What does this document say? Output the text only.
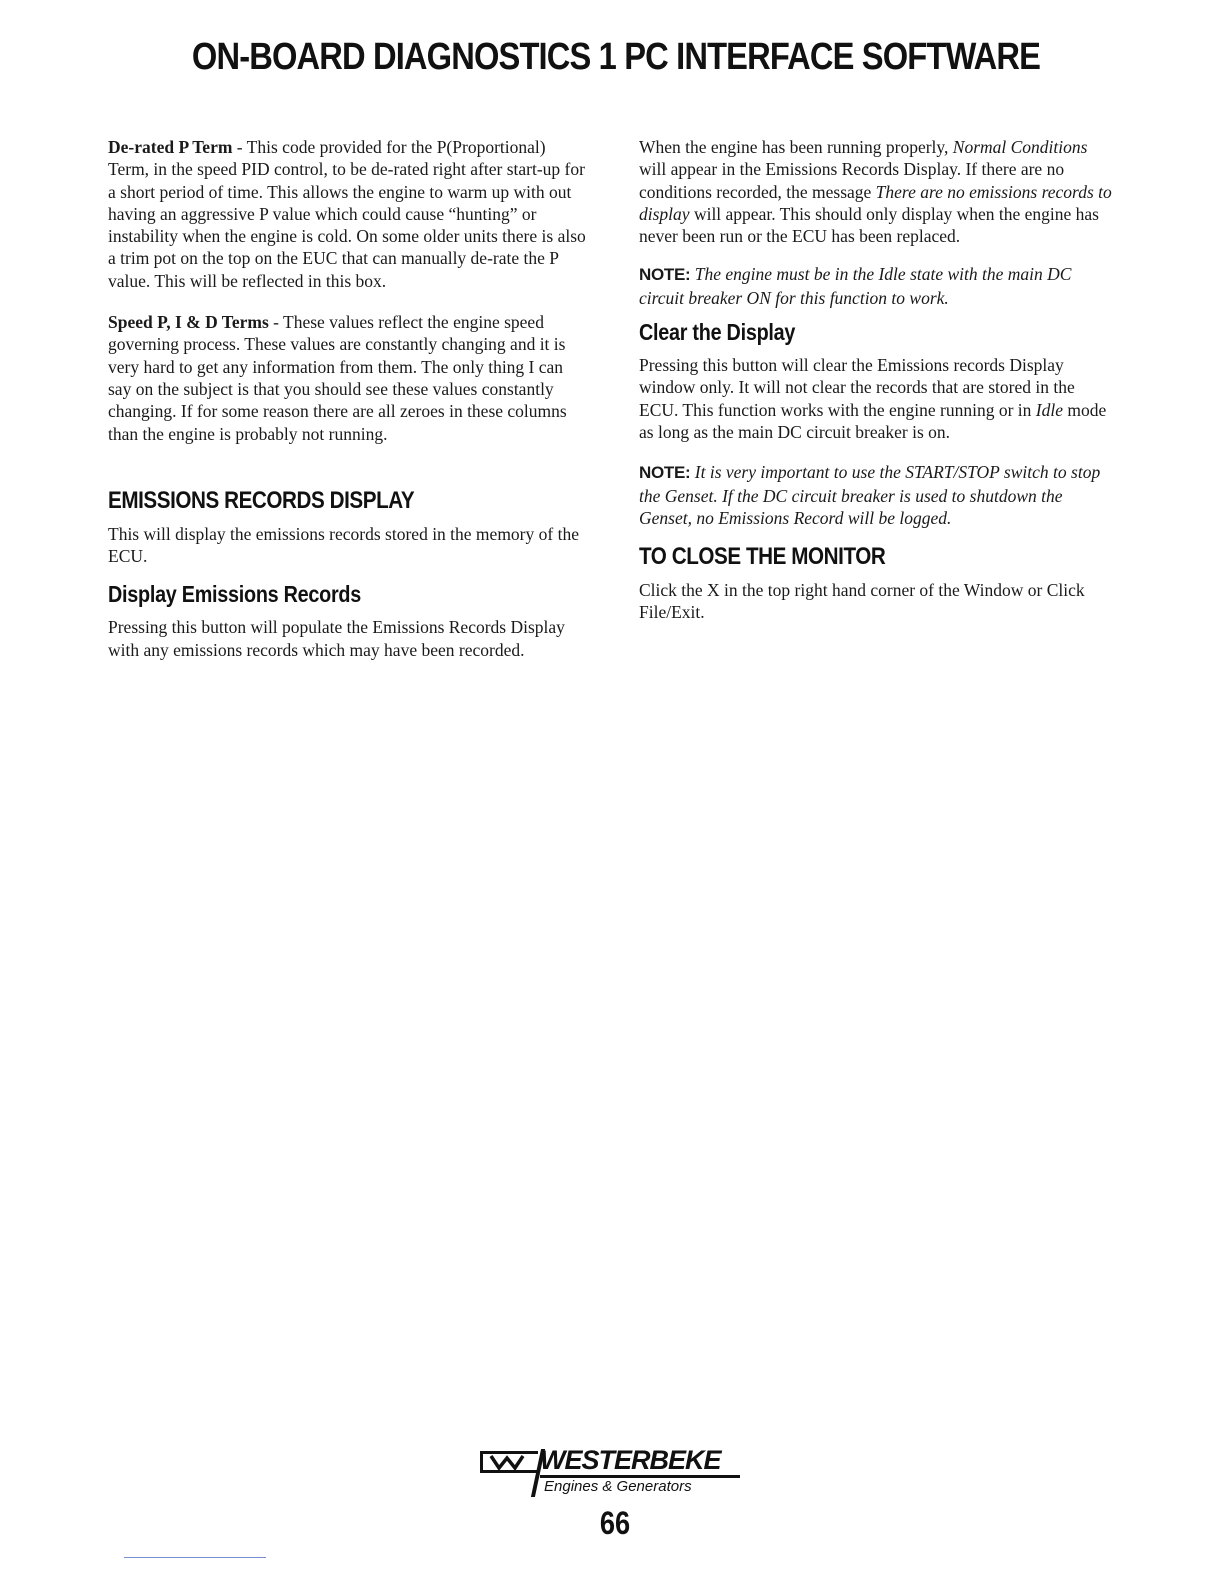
ON-BOARD DIAGNOSTICS 1 PC INTERFACE SOFTWARE

De-rated P Term - This code provided for the P(Proportional) Term, in the speed PID control, to be de-rated right after start-up for a short period of time. This allows the engine to warm up with out having an aggressive P value which could cause “hunting” or instability when the engine is cold. On some older units there is also a trim pot on the top on the EUC that can manually de-rate the P value. This will be reflected in this box.

Speed P, I & D Terms - These values reflect the engine speed governing process. These values are constantly changing and it is very hard to get any information from them. The only thing I can say on the subject is that you should see these values constantly changing. If for some reason there are all zeroes in these columns than the engine is probably not running.

EMISSIONS RECORDS DISPLAY

This will display the emissions records stored in the memory of the ECU.

Display Emissions Records

Pressing this button will populate the Emissions Records Display with any emissions records which may have been recorded.

When the engine has been running properly, Normal Conditions will appear in the Emissions Records Display. If there are no conditions recorded, the message There are no emissions records to display will appear. This should only display when the engine has never been run or the ECU has been replaced.

NOTE: The engine must be in the Idle state with the main DC circuit breaker ON for this function to work.

Clear the Display

Pressing this button will clear the Emissions records Display window only. It will not clear the records that are stored in the ECU. This function works with the engine running or in Idle mode as long as the main DC circuit breaker is on.

NOTE: It is very important to use the START/STOP switch to stop the Genset. If the DC circuit breaker is used to shutdown the Genset, no Emissions Record will be logged.

TO CLOSE THE MONITOR

Click the X in the top right hand corner of the Window or Click File/Exit.

WESTERBEKE
Engines & Generators
66
